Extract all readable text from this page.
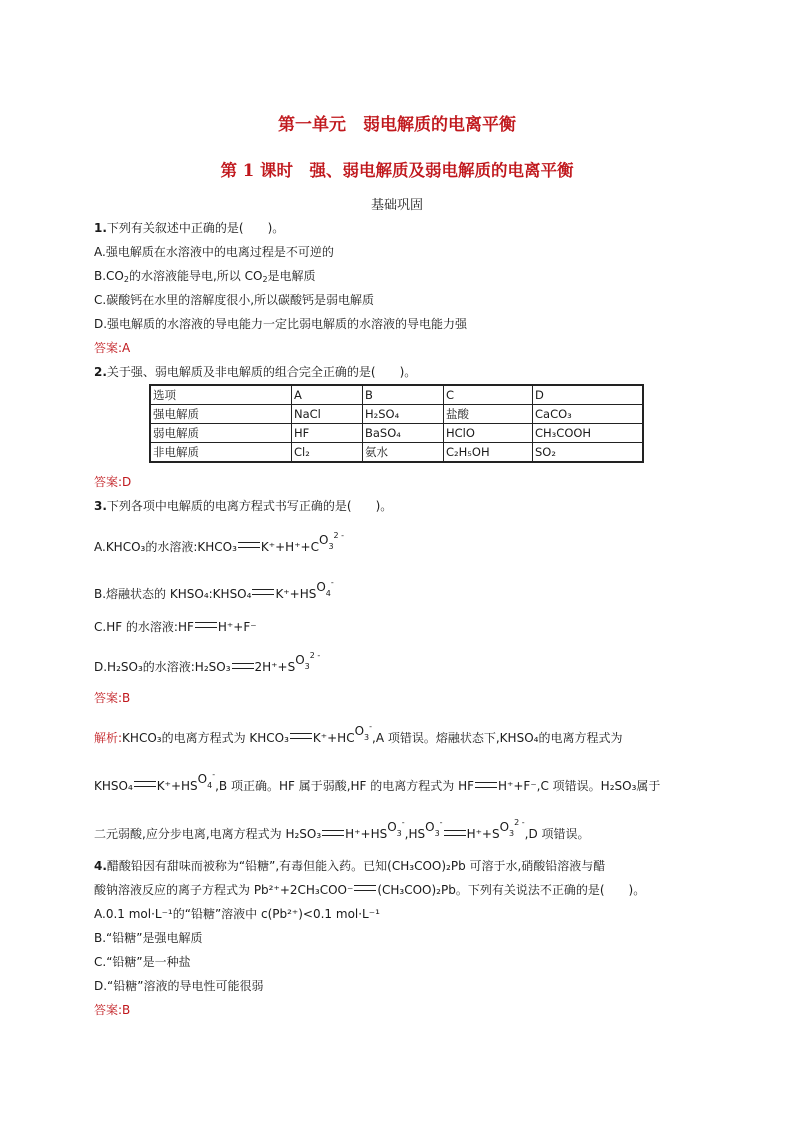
第一单元　弱电解质的电离平衡
第 1 课时　强、弱电解质及弱电解质的电离平衡
基础巩固
1.下列有关叙述中正确的是(　　)。
A.强电解质在水溶液中的电离过程是不可逆的
$B.CO_2$的水溶液能导电,所以 $CO_2$是电解质
C.碳酸钙在水里的溶解度很小,所以碳酸钙是弱电解质
D.强电解质的水溶液的导电能力一定比弱电解质的水溶液的导电能力强
答案:A
2.关于强、弱电解质及非电解质的组合完全正确的是(　　)。
选项	A	B	C	D
强电解质	NaCl	H₂SO₄	盐酸	CaCO₃
弱电解质	HF	BaSO₄	HClO	CH₃COOH
非电解质	Cl₂	氨水	C₂H₅OH	SO₂
答案:D
3.下列各项中电解质的电离方程式书写正确的是(　　)。
A.KHCO₃的水溶液:KHCO₃ $K^++H^++CO3^{2 -}$
B.熔融状态的 KHSO₄:KHSO₄ K⁺+HSO4-
C.HF 的水溶液:HF H⁺+F⁻
D.H₂SO₃的水溶液:H₂SO₃ $2H^++SO3^{2 -}$
答案:B
解析:KHCO₃的电离方程式为 KHCO₃ K⁺+HCO3-,A 项错误。熔融状态下,KHSO₄的电离方程式为
KHSO₄ K⁺+HSO4-,B 项正确。HF 属于弱酸,HF 的电离方程式为 HF H⁺+F⁻,C 项错误。H₂SO₃属于
二元弱酸,应分步电离,电离方程式为 H₂SO₃ $H^++HSO3^-,HSO3^-H^++SO3^{2 -},D$ 项错误。
4.醋酸铅因有甜味而被称为“铅糖”,有毒但能入药。已知(CH₃COO)₂Pb 可溶于水,硝酸铅溶液与醋
酸钠溶液反应的离子方程式为 Pb²⁺+2CH₃COO⁻ (CH₃COO)₂Pb。下列有关说法不正确的是(　　)。
A.0.1 mol·L⁻¹的“铅糖”溶液中 c(Pb²⁺)<0.1 mol·L⁻¹
B.“铅糖”是强电解质
C.“铅糖”是一种盐
D.“铅糖”溶液的导电性可能很弱
答案:B
